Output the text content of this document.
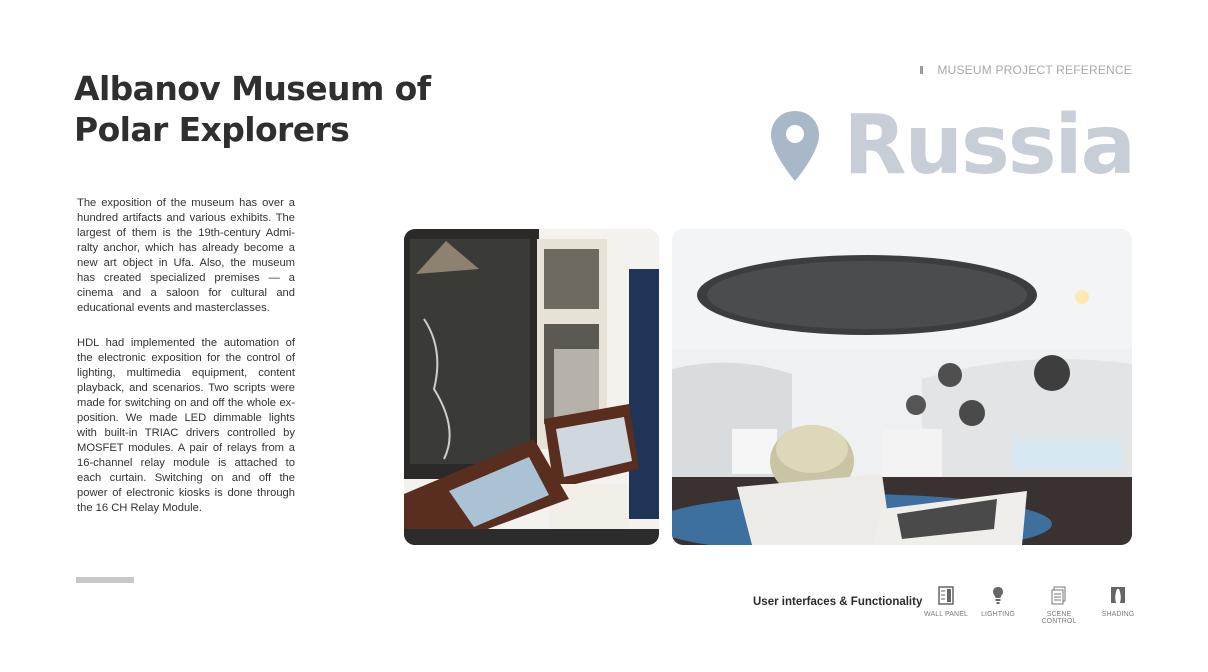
Albanov Museum of Polar Explorers
MUSEUM PROJECT REFERENCE
Russia

The exposition of the museum has over a hundred artifacts and various exhibits. The largest of them is the 19th-century Admiralty anchor, which has already become a new art object in Ufa. Also, the museum has created specialized premises — a cinema and a saloon for cultural and educational events and masterclasses.

HDL had implemented the automation of the electronic exposition for the control of lighting, multimedia equipment, content playback, and scenarios. Two scripts were made for switching on and off the whole exposition. We made LED dimmable lights with built-in TRIAC drivers controlled by MOSFET modules. A pair of relays from a 16-channel relay module is attached to each curtain. Switching on and off the power of electronic kiosks is done through the 16 CH Relay Module.

User interfaces & Functionality
WALL PANEL LIGHTING	SCENE CONTROL
SHADING
